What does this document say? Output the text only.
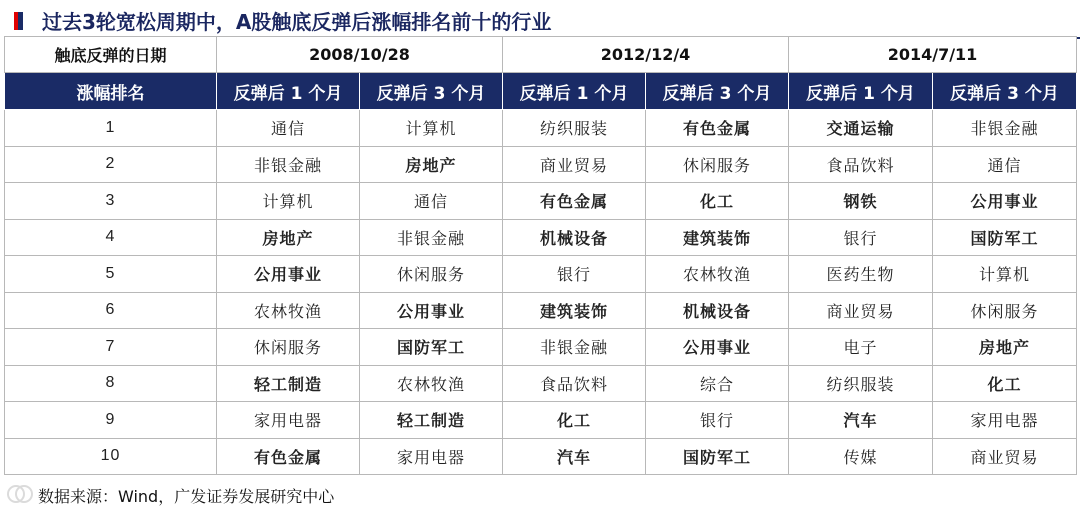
过去3轮宽松周期中，A股触底反弹后涨幅排名前十的行业
触底反弹的日期	2008/10/28		2012/12/4		2014/7/11	
涨幅排名	反弹后 1 个月	反弹后 3 个月	反弹后 1 个月	反弹后 3 个月	反弹后 1 个月	反弹后 3 个月
1	通信	计算机	纺织服装	有色金属	交通运输	非银金融
2	非银金融	房地产	商业贸易	休闲服务	食品饮料	通信
3	计算机	通信	有色金属	化工	钢铁	公用事业
4	房地产	非银金融	机械设备	建筑装饰	银行	国防军工
5	公用事业	休闲服务	银行	农林牧渔	医药生物	计算机
6	农林牧渔	公用事业	建筑装饰	机械设备	商业贸易	休闲服务
7	休闲服务	国防军工	非银金融	公用事业	电子	房地产
8	轻工制造	农林牧渔	食品饮料	综合	纺织服装	化工
9	家用电器	轻工制造	化工	银行	汽车	家用电器
10	有色金属	家用电器	汽车	国防军工	传媒	商业贸易
数据来源：Wind，广发证券发展研究中心
